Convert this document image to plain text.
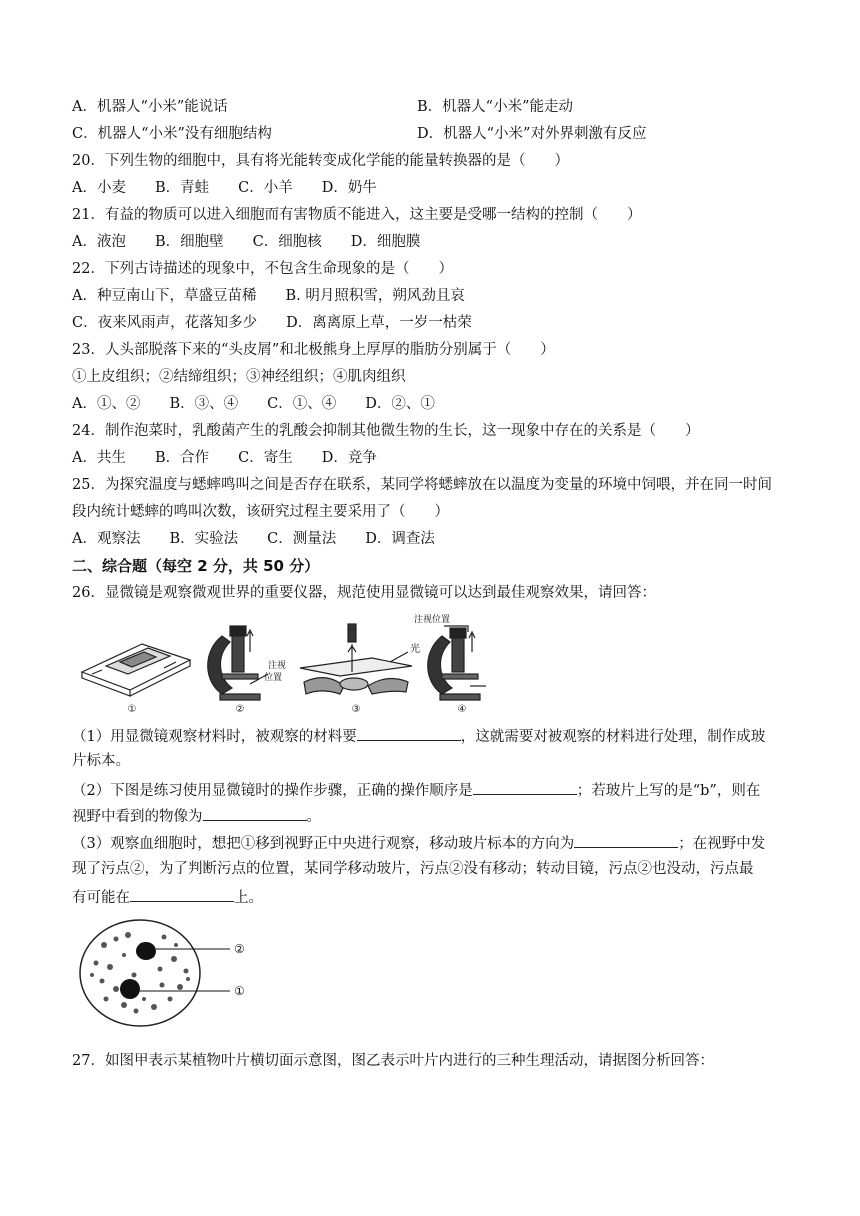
A．机器人“小米”能说话	B．机器人“小米”能走动
C．机器人“小米”没有细胞结构	D．机器人“小米”对外界刺激有反应
20．下列生物的细胞中，具有将光能转变成化学能的能量转换器的是（　　）
A．小麦　　B．青蛙　　C．小羊　　D．奶牛
21．有益的物质可以进入细胞而有害物质不能进入，这主要是受哪一结构的控制（　　）
A．液泡　　B．细胞壁　　C．细胞核　　D．细胞膜
22．下列古诗描述的现象中，不包含生命现象的是（　　）
A．种豆南山下，草盛豆苗稀　　B. 明月照积雪，朔风劲且哀
C．夜来风雨声，花落知多少　　D．离离原上草，一岁一枯荣
23．人头部脱落下来的“头皮屑”和北极熊身上厚厚的脂肪分别属于（　　）
①上皮组织；②结缔组织；③神经组织；④肌肉组织
A．①、②　　B．③、④　　C．①、④　　D．②、①
24．制作泡菜时，乳酸菌产生的乳酸会抑制其他微生物的生长，这一现象中存在的关系是（　　）
A．共生　　B．合作　　C．寄生　　D．竞争
25．为探究温度与蟋蟀鸣叫之间是否存在联系，某同学将蟋蟀放在以温度为变量的环境中饲喂，并在同一时间
段内统计蟋蟀的鸣叫次数，该研究过程主要采用了（　　）
A．观察法　　B．实验法　　C．测量法　　D．调查法
二、综合题（每空 2 分，共 50 分）
26．显微镜是观察微观世界的重要仪器，规范使用显微镜可以达到最佳观察效果，请回答：
①
注视
位置
②
光
③
注视位置
④
（1）用显微镜观察材料时，被观察的材料要	，这就需要对被观察的材料进行处理，制作成玻
片标本。
（2）下图是练习使用显微镜时的操作步骤，正确的操作顺序是	；若玻片上写的是“b”，则在
视野中看到的物像为	。
（3）观察血细胞时，想把①移到视野正中央进行观察，移动玻片标本的方向为	；在视野中发
现了污点②，为了判断污点的位置，某同学移动玻片，污点②没有移动；转动目镜，污点②也没动，污点最
有可能在	上。
②
①
27．如图甲表示某植物叶片横切面示意图，图乙表示叶片内进行的三种生理活动，请据图分析回答：
